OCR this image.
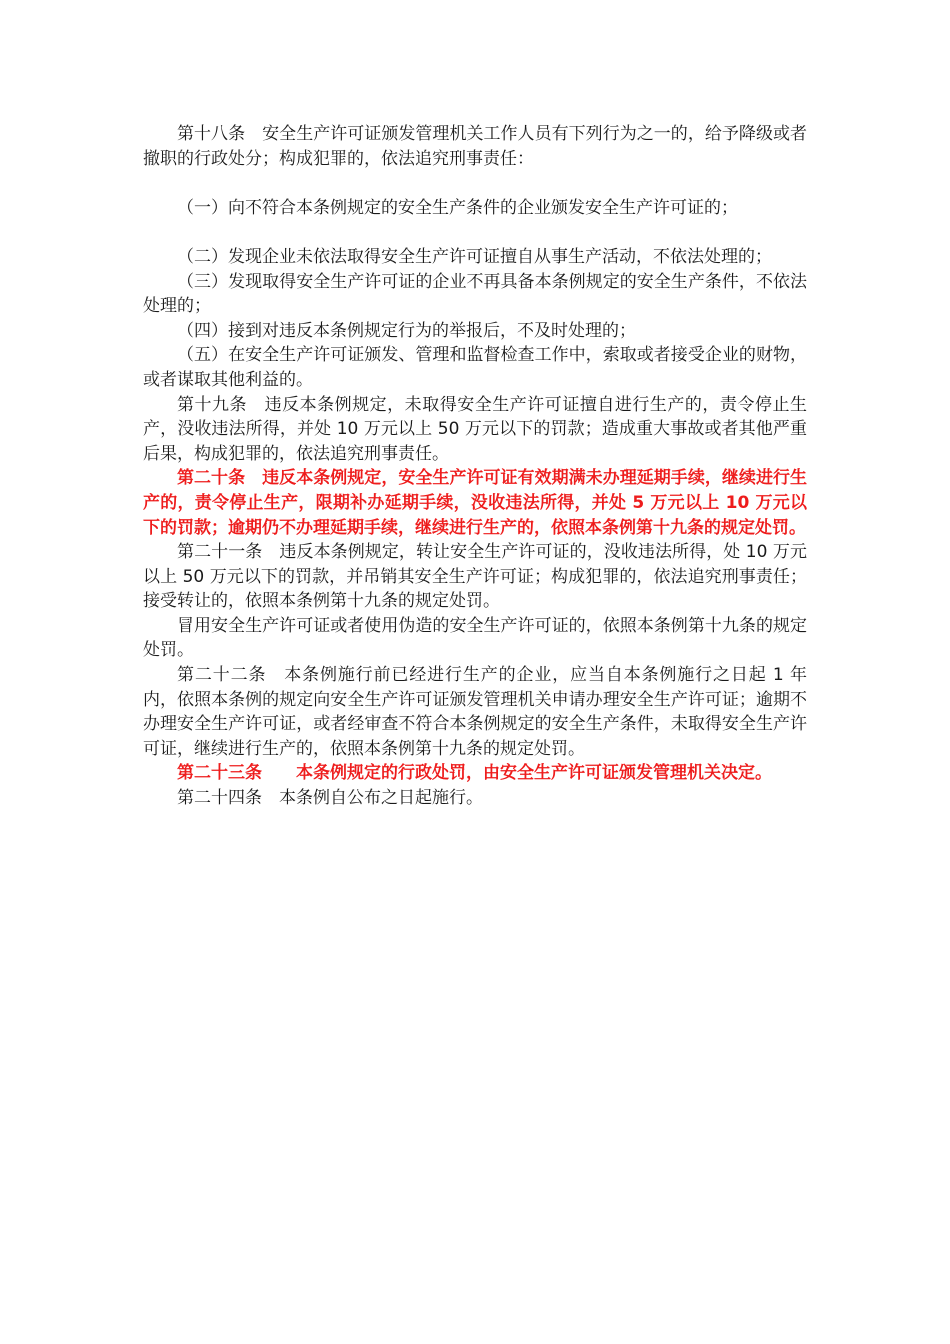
第十八条　安全生产许可证颁发管理机关工作人员有下列行为之一的，给予降级或者撤职的行政处分；构成犯罪的，依法追究刑事责任：

（一）向不符合本条例规定的安全生产条件的企业颁发安全生产许可证的；

（二）发现企业未依法取得安全生产许可证擅自从事生产活动，不依法处理的；

（三）发现取得安全生产许可证的企业不再具备本条例规定的安全生产条件，不依法处理的；

（四）接到对违反本条例规定行为的举报后，不及时处理的；

（五）在安全生产许可证颁发、管理和监督检查工作中，索取或者接受企业的财物，或者谋取其他利益的。

第十九条　违反本条例规定，未取得安全生产许可证擅自进行生产的，责令停止生产，没收违法所得，并处 10 万元以上 50 万元以下的罚款；造成重大事故或者其他严重后果，构成犯罪的，依法追究刑事责任。

第二十条　违反本条例规定，安全生产许可证有效期满未办理延期手续，继续进行生产的，责令停止生产，限期补办延期手续，没收违法所得，并处 5 万元以上 10 万元以下的罚款；逾期仍不办理延期手续，继续进行生产的，依照本条例第十九条的规定处罚。

第二十一条　违反本条例规定，转让安全生产许可证的，没收违法所得，处 10 万元以上 50 万元以下的罚款，并吊销其安全生产许可证；构成犯罪的，依法追究刑事责任；接受转让的，依照本条例第十九条的规定处罚。

冒用安全生产许可证或者使用伪造的安全生产许可证的，依照本条例第十九条的规定处罚。

第二十二条　本条例施行前已经进行生产的企业，应当自本条例施行之日起 1 年内，依照本条例的规定向安全生产许可证颁发管理机关申请办理安全生产许可证；逾期不办理安全生产许可证，或者经审查不符合本条例规定的安全生产条件，未取得安全生产许可证，继续进行生产的，依照本条例第十九条的规定处罚。

第二十三条　　本条例规定的行政处罚，由安全生产许可证颁发管理机关决定。

第二十四条　本条例自公布之日起施行。
